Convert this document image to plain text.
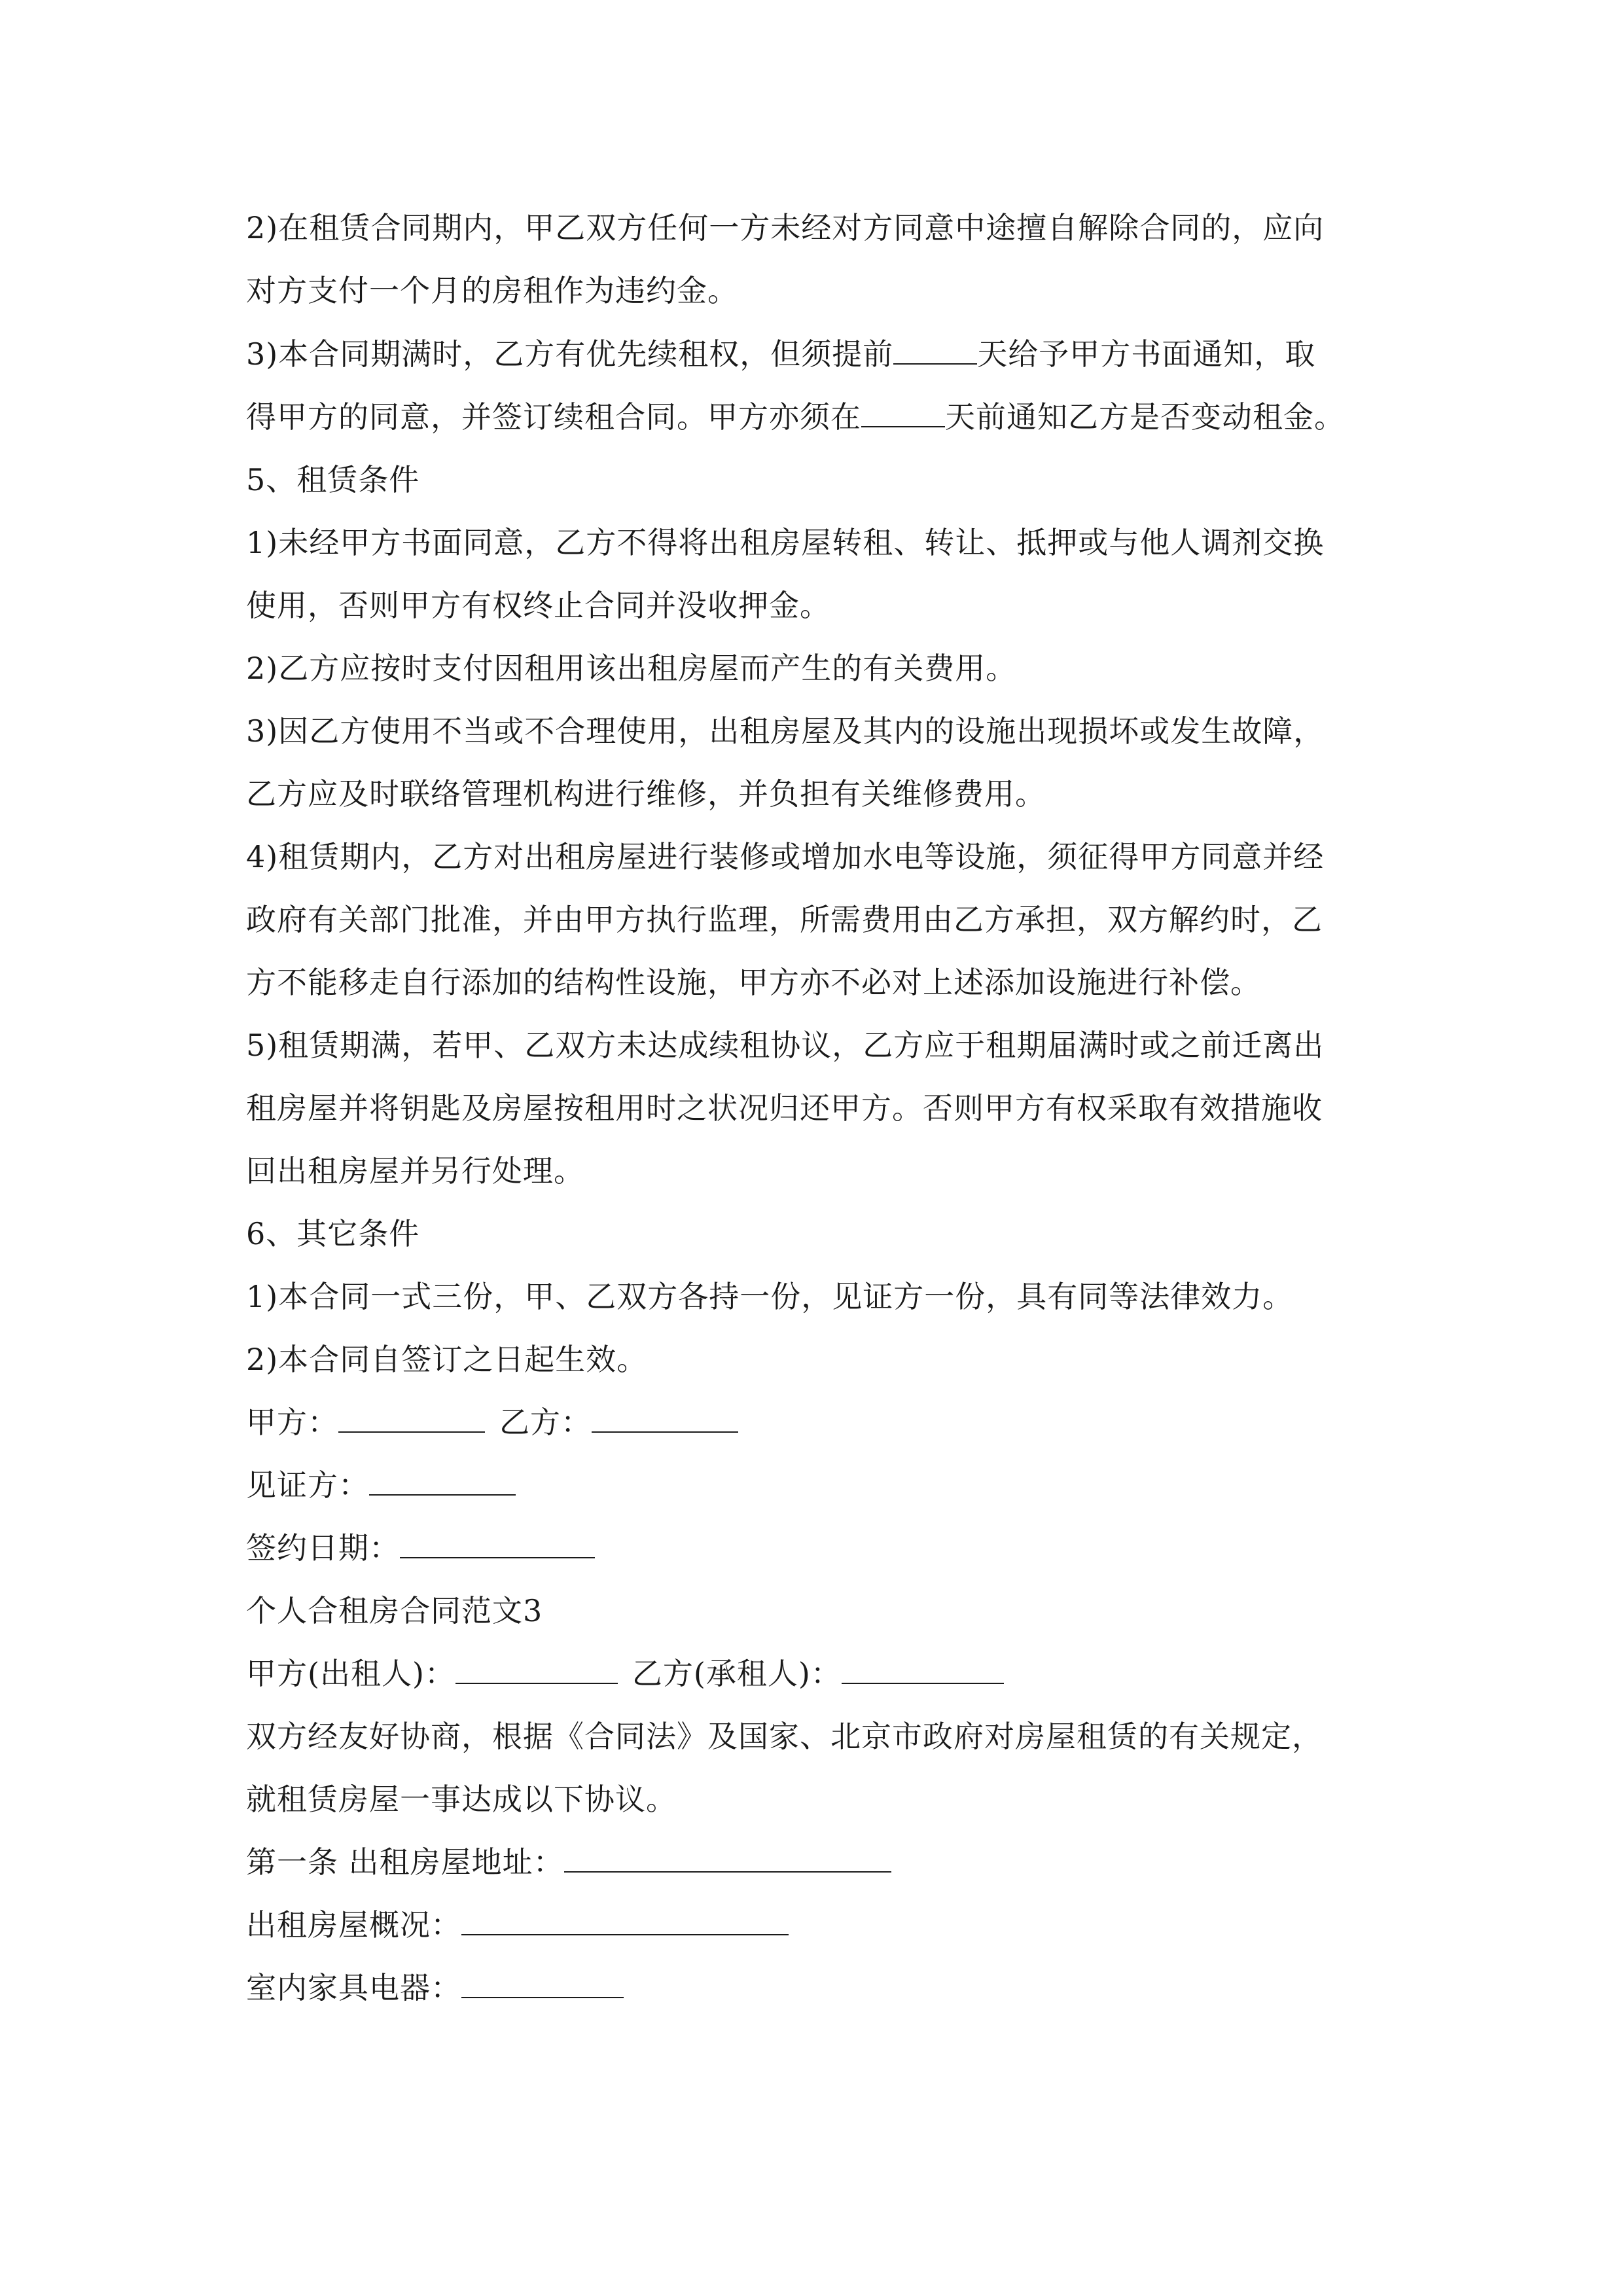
2)在租赁合同期内，甲乙双方任何一方未经对方同意中途擅自解除合同的，应向
对方支付一个月的房租作为违约金。
3)本合同期满时，乙方有优先续租权，但须提前	天给予甲方书面通知，取
得甲方的同意，并签订续租合同。甲方亦须在	天前通知乙方是否变动租金。
5、租赁条件
1)未经甲方书面同意，乙方不得将出租房屋转租、转让、抵押或与他人调剂交换
使用，否则甲方有权终止合同并没收押金。
2)乙方应按时支付因租用该出租房屋而产生的有关费用。
3)因乙方使用不当或不合理使用，出租房屋及其内的设施出现损坏或发生故障，
乙方应及时联络管理机构进行维修，并负担有关维修费用。
4)租赁期内，乙方对出租房屋进行装修或增加水电等设施，须征得甲方同意并经
政府有关部门批准，并由甲方执行监理，所需费用由乙方承担，双方解约时，乙
方不能移走自行添加的结构性设施，甲方亦不必对上述添加设施进行补偿。
5)租赁期满，若甲、乙双方未达成续租协议，乙方应于租期届满时或之前迁离出
租房屋并将钥匙及房屋按租用时之状况归还甲方。否则甲方有权采取有效措施收
回出租房屋并另行处理。
6、其它条件
1)本合同一式三份，甲、乙双方各持一份，见证方一份，具有同等法律效力。
2)本合同自签订之日起生效。
甲方：	乙方：
见证方：
签约日期：
个人合租房合同范文3
甲方(出租人)：	乙方(承租人)：
双方经友好协商，根据《合同法》及国家、北京市政府对房屋租赁的有关规定，
就租赁房屋一事达成以下协议。
第一条 出租房屋地址：
出租房屋概况：
室内家具电器：
